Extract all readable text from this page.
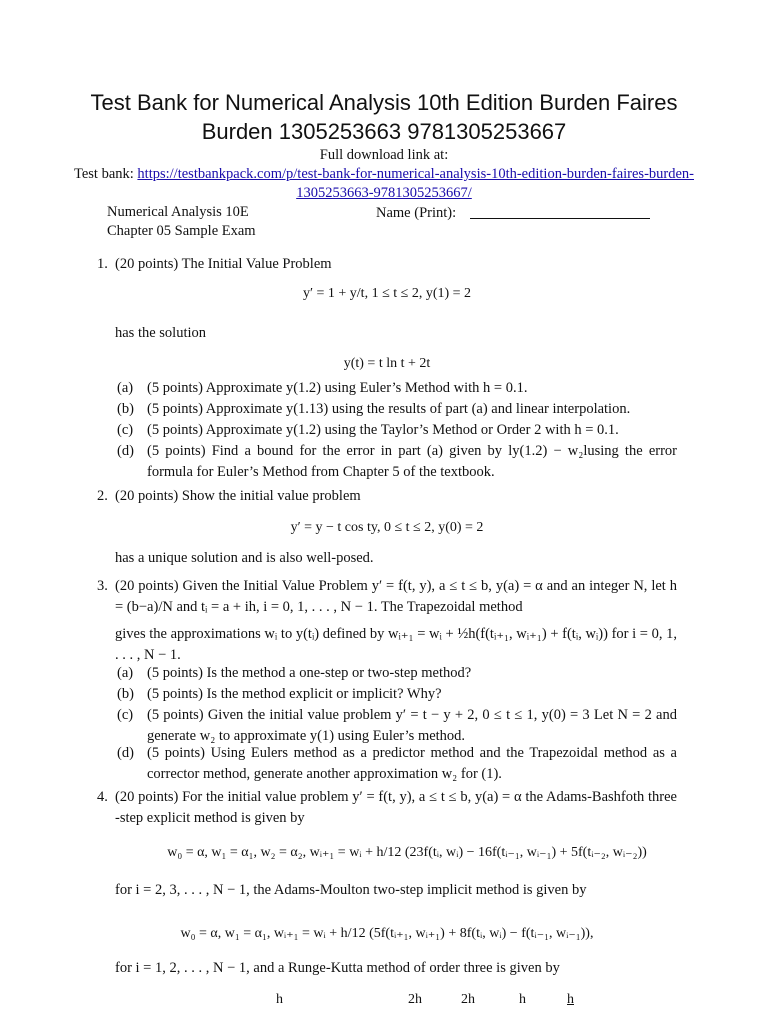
Test Bank for Numerical Analysis 10th Edition Burden Faires Burden 1305253663 9781305253667
Full download link at:
Test bank: https://testbankpack.com/p/test-bank-for-numerical-analysis-10th-edition-burden-faires-burden-1305253663-9781305253667/
Numerical Analysis 10E
Chapter 05 Sample Exam
Name (Print):
1. (20 points) The Initial Value Problem
y′ = 1 + y/t, 1 ≤ t ≤ 2, y(1) = 2
has the solution
y(t) = t ln t + 2t
(a) (5 points) Approximate y(1.2) using Euler’s Method with h = 0.1.
(b) (5 points) Approximate y(1.13) using the results of part (a) and linear interpolation.
(c) (5 points) Approximate y(1.2) using the Taylor’s Method or Order 2 with h = 0.1.
(d) (5 points) Find a bound for the error in part (a) given by ly(1.2) − w₂lusing the error formula for Euler’s Method from Chapter 5 of the textbook.
2. (20 points) Show the initial value problem
y′ = y − t cos ty, 0 ≤ t ≤ 2, y(0) = 2
has a unique solution and is also well-posed.
3. (20 points) Given the Initial Value Problem y′ = f(t, y), a ≤ t ≤ b, y(a) = α and an integer N, let h = (b−a)/N and tᵢ = a + ih, i = 0, 1, . . . , N − 1. The Trapezoidal method
gives the approximations wᵢ to y(tᵢ) defined by wᵢ₊₁ = wᵢ + ½h(f(tᵢ₊₁, wᵢ₊₁) + f(tᵢ, wᵢ)) for i = 0, 1, . . . , N − 1.
(a) (5 points) Is the method a one-step or two-step method?
(b) (5 points) Is the method explicit or implicit? Why?
(c) (5 points) Given the initial value problem y′ = t − y + 2, 0 ≤ t ≤ 1, y(0) = 3 Let N = 2 and generate w₂ to approximate y(1) using Euler’s method.
(d) (5 points) Using Eulers method as a predictor method and the Trapezoidal method as a corrector method, generate another approximation w₂ for (1).
4. (20 points) For the initial value problem y′ = f(t, y), a ≤ t ≤ b, y(a) = α the Adams-Bashfoth three -step explicit method is given by
w₀ = α, w₁ = α₁, w₂ = α₂, wᵢ₊₁ = wᵢ + h/12 (23f(tᵢ, wᵢ) − 16f(tᵢ₋₁, wᵢ₋₁) + 5f(tᵢ₋₂, wᵢ₋₂))
for i = 2, 3, . . . , N − 1, the Adams-Moulton two-step implicit method is given by
w₀ = α, w₁ = α₁, wᵢ₊₁ = wᵢ + h/12 (5f(tᵢ₊₁, wᵢ₊₁) + 8f(tᵢ, wᵢ) − f(tᵢ₋₁, wᵢ₋₁)),
for i = 1, 2, . . . , N − 1, and a Runge-Kutta method of order three is given by
h	2h	2h	h	h
